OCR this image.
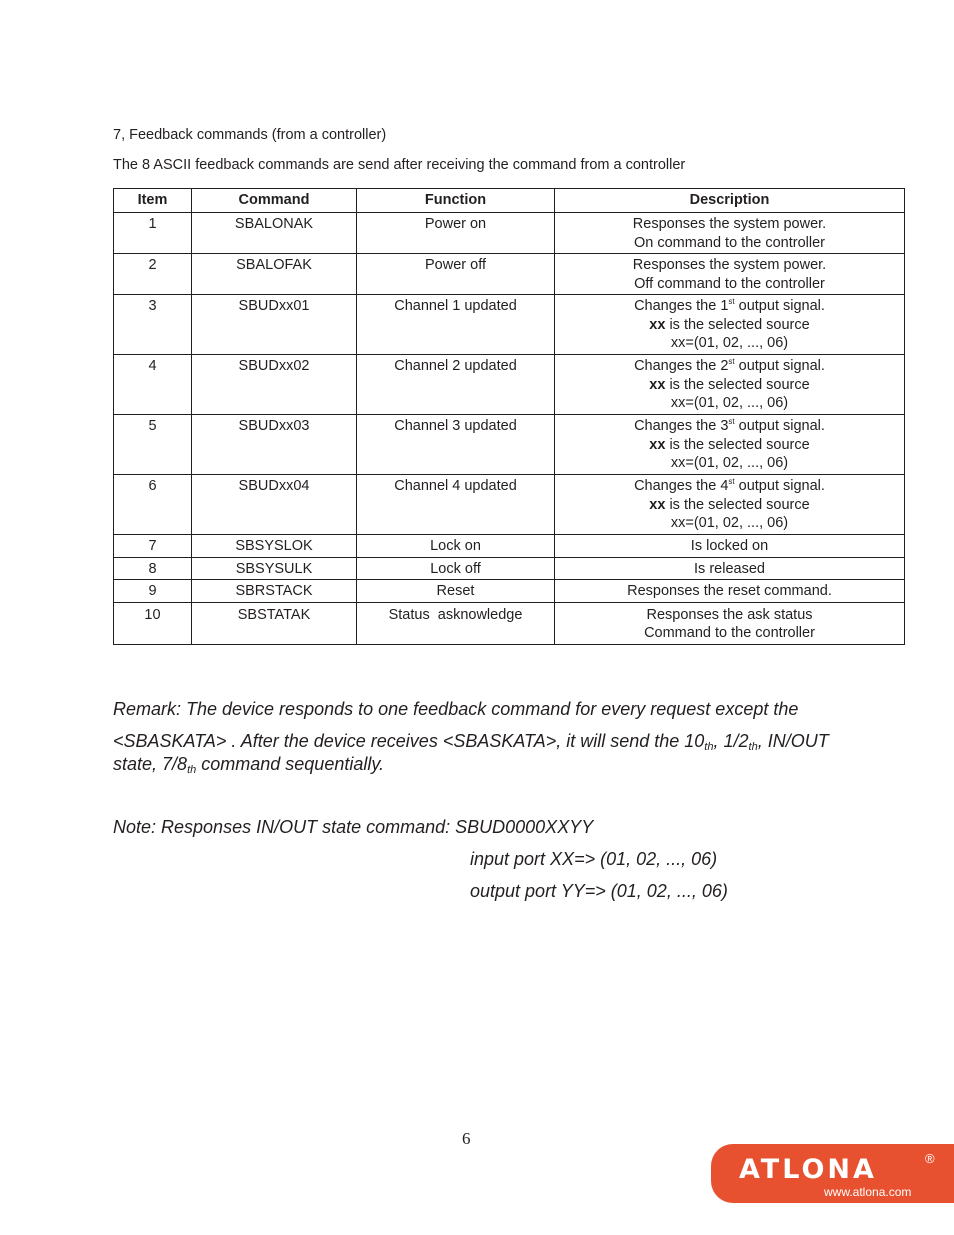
7, Feedback commands (from a controller)
The 8 ASCII feedback commands are send after receiving the command from a controller
Item	Command	Function	Description
1	SBALONAK	Power on	Responses the system power.
On command to the controller
2	SBALOFAK	Power off	Responses the system power.
Off command to the controller
3	SBUDxx01	Channel 1 updated	Changes the 1st output signal.
xx is the selected source
xx=(01, 02, ..., 06)
4	SBUDxx02	Channel 2 updated	Changes the 2st output signal.
xx is the selected source
xx=(01, 02, ..., 06)
5	SBUDxx03	Channel 3 updated	Changes the 3st output signal.
xx is the selected source
xx=(01, 02, ..., 06)
6	SBUDxx04	Channel 4 updated	Changes the 4st output signal.
xx is the selected source
xx=(01, 02, ..., 06)
7	SBSYSLOK	Lock on	Is locked on
8	SBSYSULK	Lock off	Is released
9	SBRSTACK	Reset	Responses the reset command.
10	SBSTATAK	Status  asknowledge	Responses the ask status
Command to the controller
Remark: The device responds to one feedback command for every request except the
<SBASKATA> . After the device receives <SBASKATA>, it will send the 10th, 1/2th, IN/OUT
state, 7/8th command sequentially.
Note: Responses IN/OUT state command: SBUD0000XXYY
input port XX=> (01, 02, ..., 06)
output port YY=> (01, 02, ..., 06)
6
ATLONA	®
www.atlona.com
